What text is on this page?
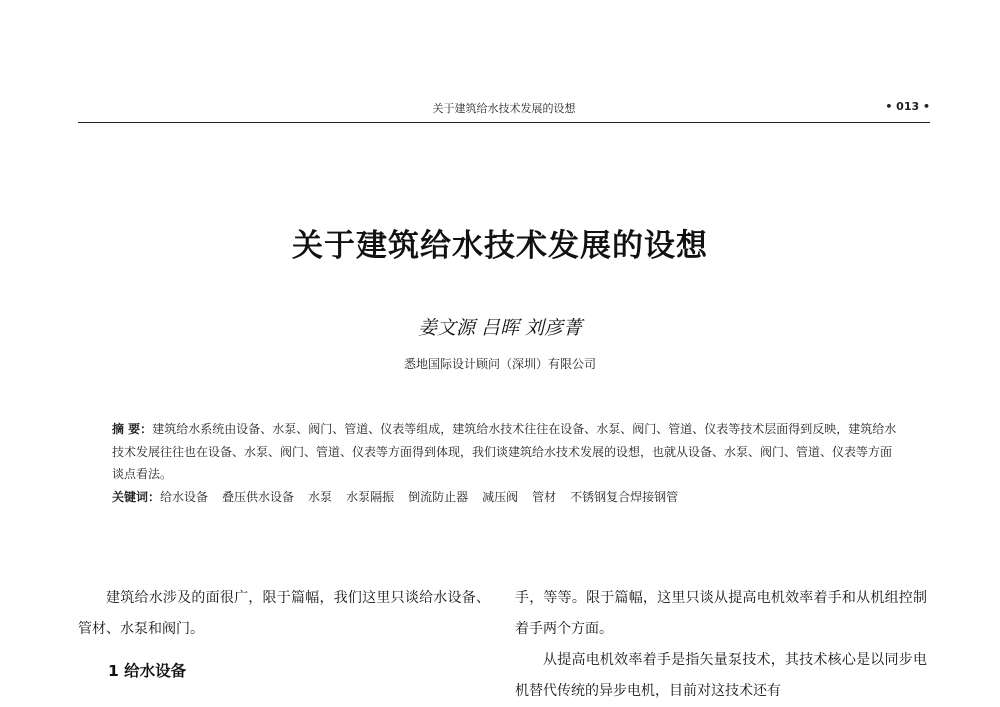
关于建筑给水技术发展的设想	• 013 •
关于建筑给水技术发展的设想
姜文源 吕晖 刘彦菁
悉地国际设计顾问（深圳）有限公司

摘 要：建筑给水系统由设备、水泵、阀门、管道、仪表等组成，建筑给水技术往往在设备、水泵、阀门、管道、仪表等技术层面得到反映，建筑给水技术发展往往也在设备、水泵、阀门、管道、仪表等方面得到体现，我们谈建筑给水技术发展的设想，也就从设备、水泵、阀门、管道、仪表等方面谈点看法。

关键词：给水设备 叠压供水设备 水泵 水泵隔振 倒流防止器 减压阀 管材 不锈钢复合焊接钢管

建筑给水涉及的面很广，限于篇幅，我们这里只谈给水设备、管材、水泵和阀门。

1 给水设备

手，等等。限于篇幅，这里只谈从提高电机效率着手和从机组控制着手两个方面。

从提高电机效率着手是指矢量泵技术，其技术核心是以同步电机替代传统的异步电机，目前对这技术还有
